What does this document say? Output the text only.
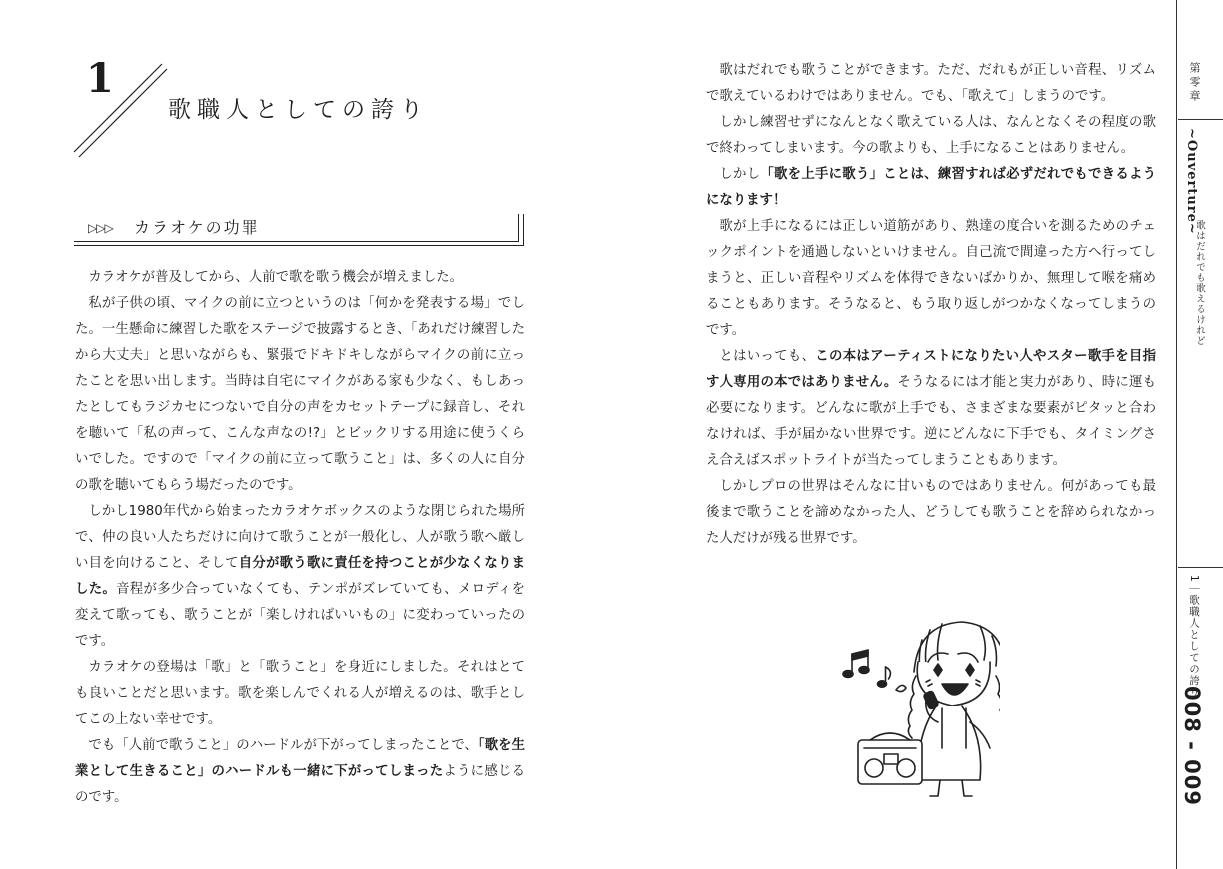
1
歌職人としての誇り
▷▷▷ カラオケの功罪

カラオケが普及してから、人前で歌を歌う機会が増えました。

私が子供の頃、マイクの前に立つというのは「何かを発表する場」でした。一生懸命に練習した歌をステージで披露するとき、「あれだけ練習したから大丈夫」と思いながらも、緊張でドキドキしながらマイクの前に立ったことを思い出します。当時は自宅にマイクがある家も少なく、もしあったとしてもラジカセにつないで自分の声をカセットテープに録音し、それを聴いて「私の声って、こんな声なの!?」とビックリする用途に使うくらいでした。ですので「マイクの前に立って歌うこと」は、多くの人に自分の歌を聴いてもらう場だったのです。

しかし1980年代から始まったカラオケボックスのような閉じられた場所で、仲の良い人たちだけに向けて歌うことが一般化し、人が歌う歌へ厳しい目を向けること、そして自分が歌う歌に責任を持つことが少なくなりました。音程が多少合っていなくても、テンポがズレていても、メロディを変えて歌っても、歌うことが「楽しければいいもの」に変わっていったのです。

カラオケの登場は「歌」と「歌うこと」を身近にしました。それはとても良いことだと思います。歌を楽しんでくれる人が増えるのは、歌手としてこの上ない幸せです。

でも「人前で歌うこと」のハードルが下がってしまったことで、「歌を生業として生きること」のハードルも一緒に下がってしまったように感じるのです。

歌はだれでも歌うことができます。ただ、だれもが正しい音程、リズムで歌えているわけではありません。でも、「歌えて」しまうのです。

しかし練習せずになんとなく歌えている人は、なんとなくその程度の歌で終わってしまいます。今の歌よりも、上手になることはありません。

しかし「歌を上手に歌う」ことは、練習すれば必ずだれでもできるようになります！

歌が上手になるには正しい道筋があり、熟達の度合いを測るためのチェックポイントを通過しないといけません。自己流で間違った方へ行ってしまうと、正しい音程やリズムを体得できないばかりか、無理して喉を痛めることもあります。そうなると、もう取り返しがつかなくなってしまうのです。

とはいっても、この本はアーティストになりたい人やスター歌手を目指す人専用の本ではありません。そうなるには才能と実力があり、時に運も必要になります。どんなに歌が上手でも、さまざまな要素がピタッと合わなければ、手が届かない世界です。逆にどんなに下手でも、タイミングさえ合えばスポットライトが当たってしまうこともあります。

しかしプロの世界はそんなに甘いものではありません。何があっても最後まで歌うことを諦めなかった人、どうしても歌うことを辞められなかった人だけが残る世界です。

第零章
~Ouverture~
歌はだれでも歌えるけれど
1｜歌職人としての誇り
008 - 009
